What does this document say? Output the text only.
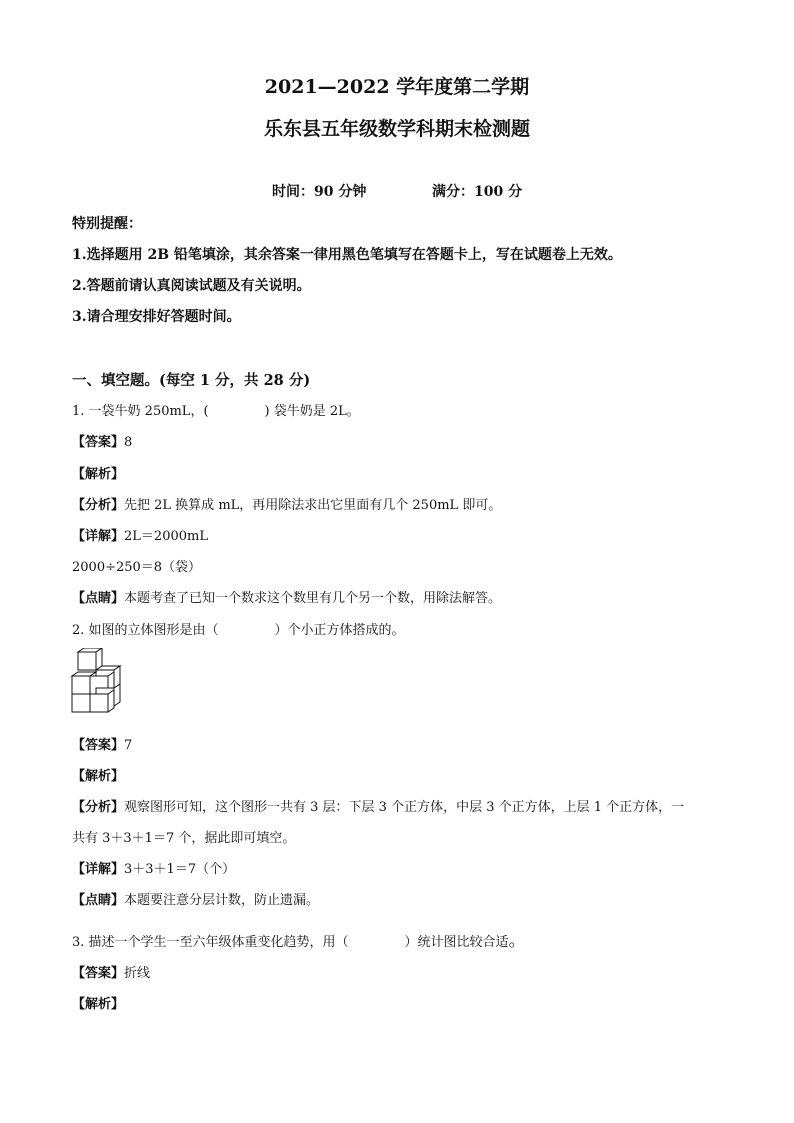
2021—2022 学年度第二学期
乐东县五年级数学科期末检测题
时间：90 分钟	满分：100 分
特别提醒：
1.选择题用 2B 铅笔填涂，其余答案一律用黑色笔填写在答题卡上，写在试题卷上无效。
2.答题前请认真阅读试题及有关说明。
3.请合理安排好答题时间。
一、填空题。(每空 1 分，共 28 分)
1. 一袋牛奶 250mL，(	) 袋牛奶是 2L。
【答案】8
【解析】
【分析】先把 2L 换算成 mL，再用除法求出它里面有几个 250mL 即可。
【详解】2L＝2000mL
2000÷250＝8（袋）
【点睛】本题考查了已知一个数求这个数里有几个另一个数，用除法解答。
2. 如图的立体图形是由（	）个小正方体搭成的。
【答案】7
【解析】
【分析】观察图形可知，这个图形一共有 3 层：下层 3 个正方体，中层 3 个正方体，上层 1 个正方体，一
共有 3＋3＋1＝7 个，据此即可填空。
【详解】3＋3＋1＝7（个）
【点睛】本题要注意分层计数，防止遗漏。
3. 描述一个学生一至六年级体重变化趋势，用（	）统计图比较合适。
【答案】折线
【解析】
